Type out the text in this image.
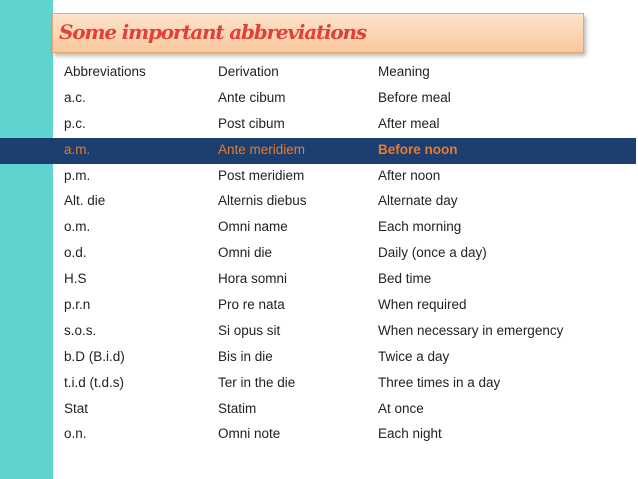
Some important abbreviations
Abbreviations	Derivation	Meaning
a.c.	Ante cibum	Before meal
p.c.	Post cibum	After meal
a.m.	Ante meridiem	Before noon
p.m.	Post meridiem	After noon
Alt. die	Alternis diebus	Alternate day
o.m.	Omni name	Each morning
o.d.	Omni die	Daily (once a day)
H.S	Hora somni	Bed time
p.r.n	Pro re nata	When required
s.o.s.	Si opus sit	When necessary in emergency
b.D (B.i.d)	Bis in die	Twice a day
t.i.d (t.d.s)	Ter in the die	Three times in a day
Stat	Statim	At once
o.n.	Omni note	Each night
